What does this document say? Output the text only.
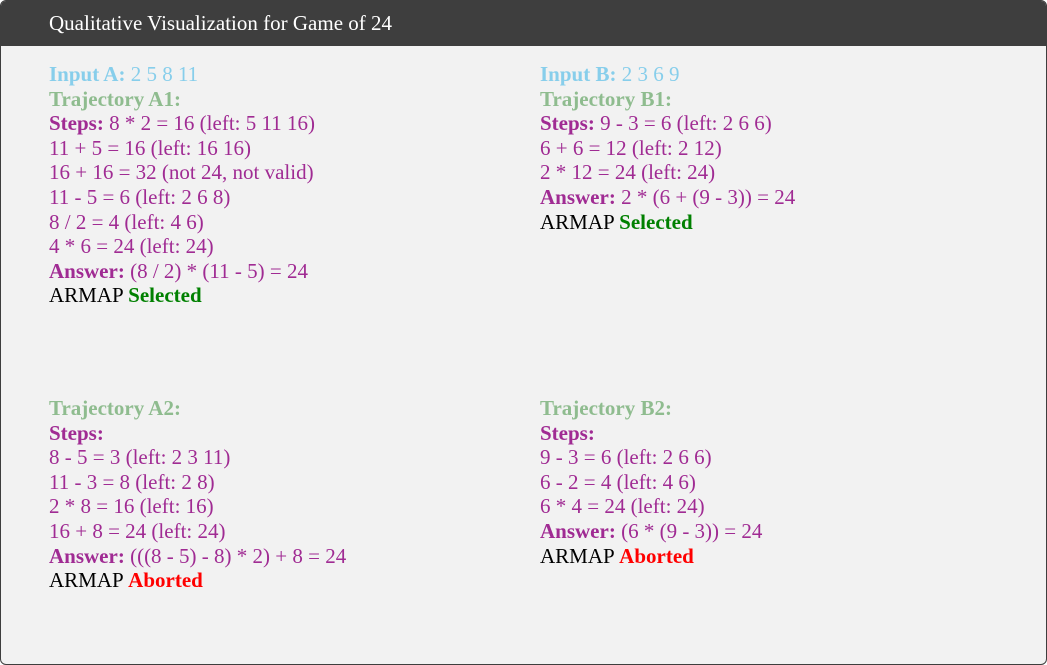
Qualitative Visualization for Game of 24
Input A: 2 5 8 11
Trajectory A1:
Steps: 8 * 2 = 16 (left: 5 11 16)
11 + 5 = 16 (left: 16 16)
16 + 16 = 32 (not 24, not valid)
11 - 5 = 6 (left: 2 6 8)
8 / 2 = 4 (left: 4 6)
4 * 6 = 24 (left: 24)
Answer: (8 / 2) * (11 - 5) = 24
ARMAP Selected
Input B: 2 3 6 9
Trajectory B1:
Steps: 9 - 3 = 6 (left: 2 6 6)
6 + 6 = 12 (left: 2 12)
2 * 12 = 24 (left: 24)
Answer: 2 * (6 + (9 - 3)) = 24
ARMAP Selected
Trajectory A2:
Steps:
8 - 5 = 3 (left: 2 3 11)
11 - 3 = 8 (left: 2 8)
2 * 8 = 16 (left: 16)
16 + 8 = 24 (left: 24)
Answer: (((8 - 5) - 8) * 2) + 8 = 24
ARMAP Aborted
Trajectory B2:
Steps:
9 - 3 = 6 (left: 2 6 6)
6 - 2 = 4 (left: 4 6)
6 * 4 = 24 (left: 24)
Answer: (6 * (9 - 3)) = 24
ARMAP Aborted
